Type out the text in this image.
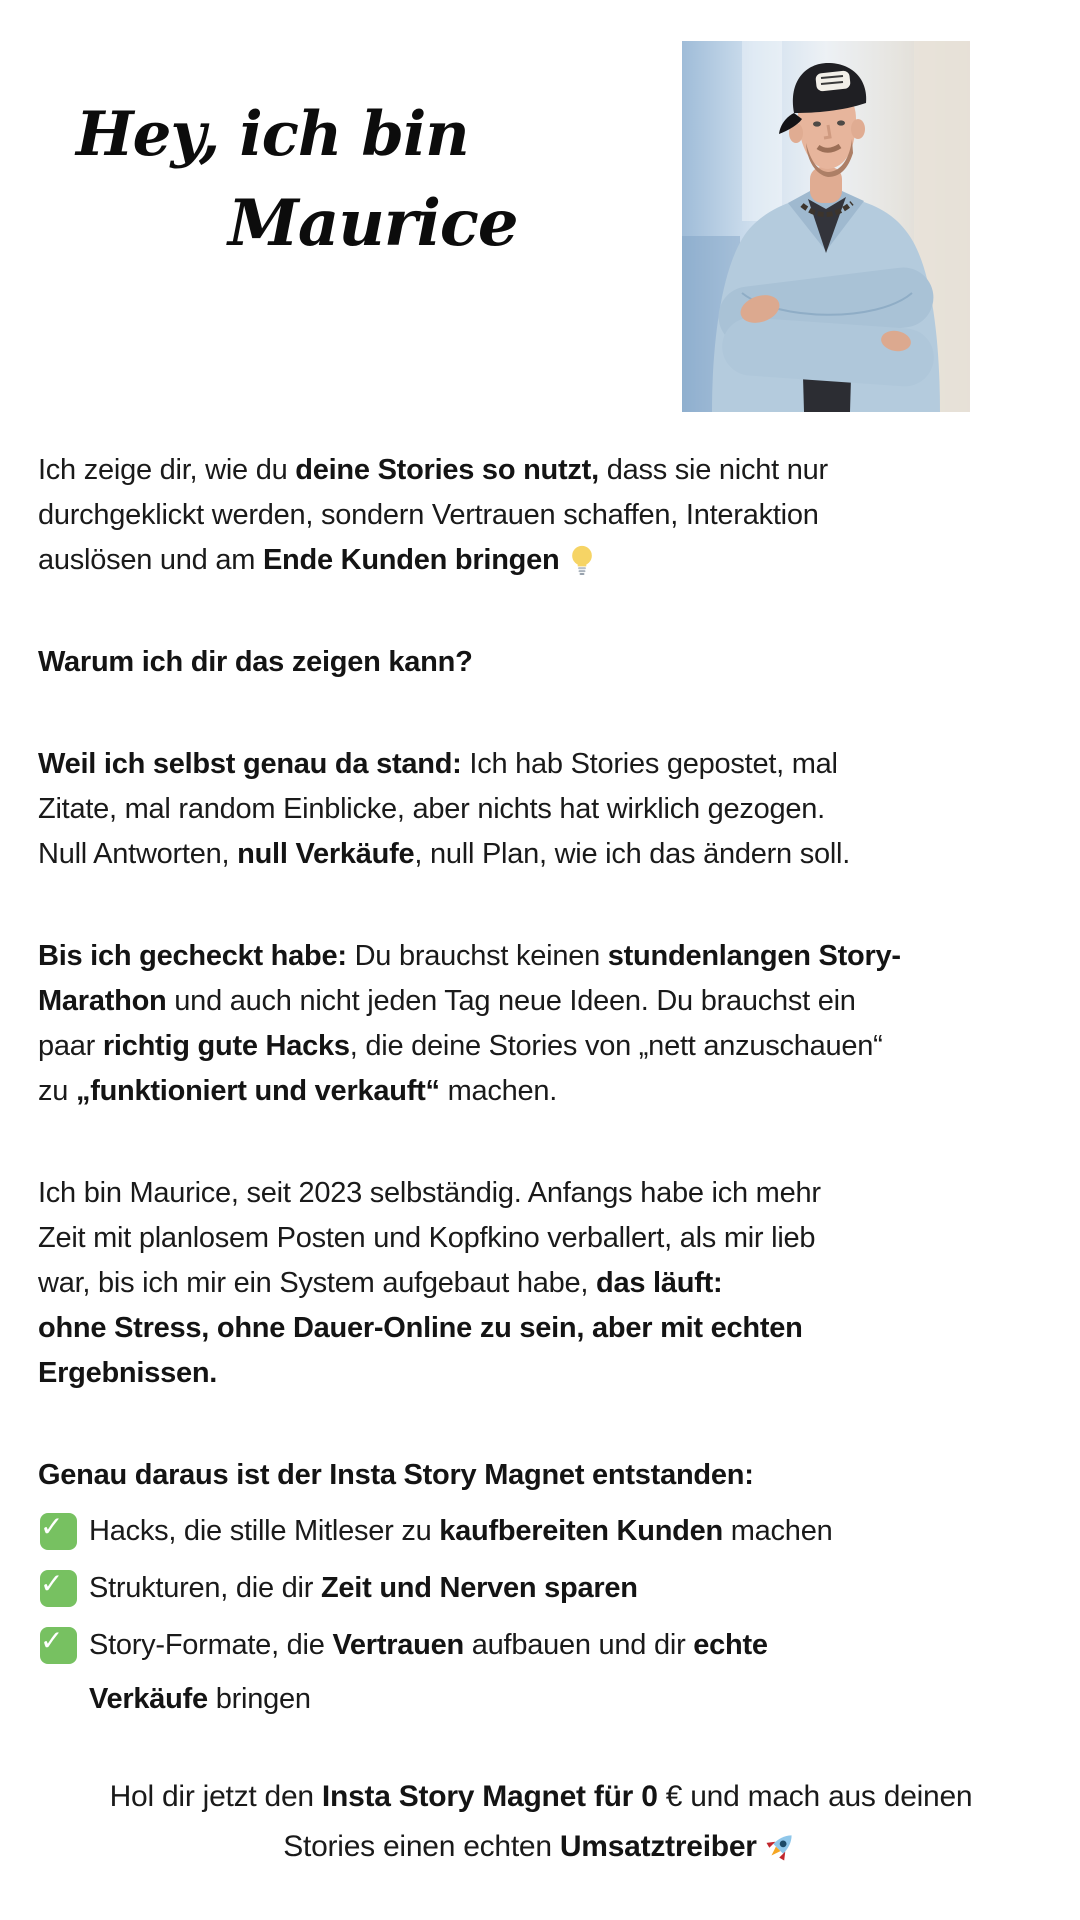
Hey, ich bin
Maurice

Ich zeige dir, wie du deine Stories so nutzt, dass sie nicht nur
durchgeklickt werden, sondern Vertrauen schaffen, Interaktion
auslösen und am Ende Kunden bringen

Warum ich dir das zeigen kann?

Weil ich selbst genau da stand: Ich hab Stories gepostet, mal
Zitate, mal random Einblicke, aber nichts hat wirklich gezogen.
Null Antworten, null Verkäufe, null Plan, wie ich das ändern soll.

Bis ich gecheckt habe: Du brauchst keinen stundenlangen Story-
Marathon und auch nicht jeden Tag neue Ideen. Du brauchst ein
paar richtig gute Hacks, die deine Stories von „nett anzuschauen“
zu „funktioniert und verkauft“ machen.

Ich bin Maurice, seit 2023 selbständig. Anfangs habe ich mehr
Zeit mit planlosem Posten und Kopfkino verballert, als mir lieb
war, bis ich mir ein System aufgebaut habe, das läuft:
ohne Stress, ohne Dauer-Online zu sein, aber mit echten
Ergebnissen.

Genau daraus ist der Insta Story Magnet entstanden:

✓ Hacks, die stille Mitleser zu kaufbereiten Kunden machen
✓ Strukturen, die dir Zeit und Nerven sparen
✓ Story-Formate, die Vertrauen aufbauen und dir echte
Verkäufe bringen

Hol dir jetzt den Insta Story Magnet für 0 € und mach aus deinen
Stories einen echten Umsatztreiber
